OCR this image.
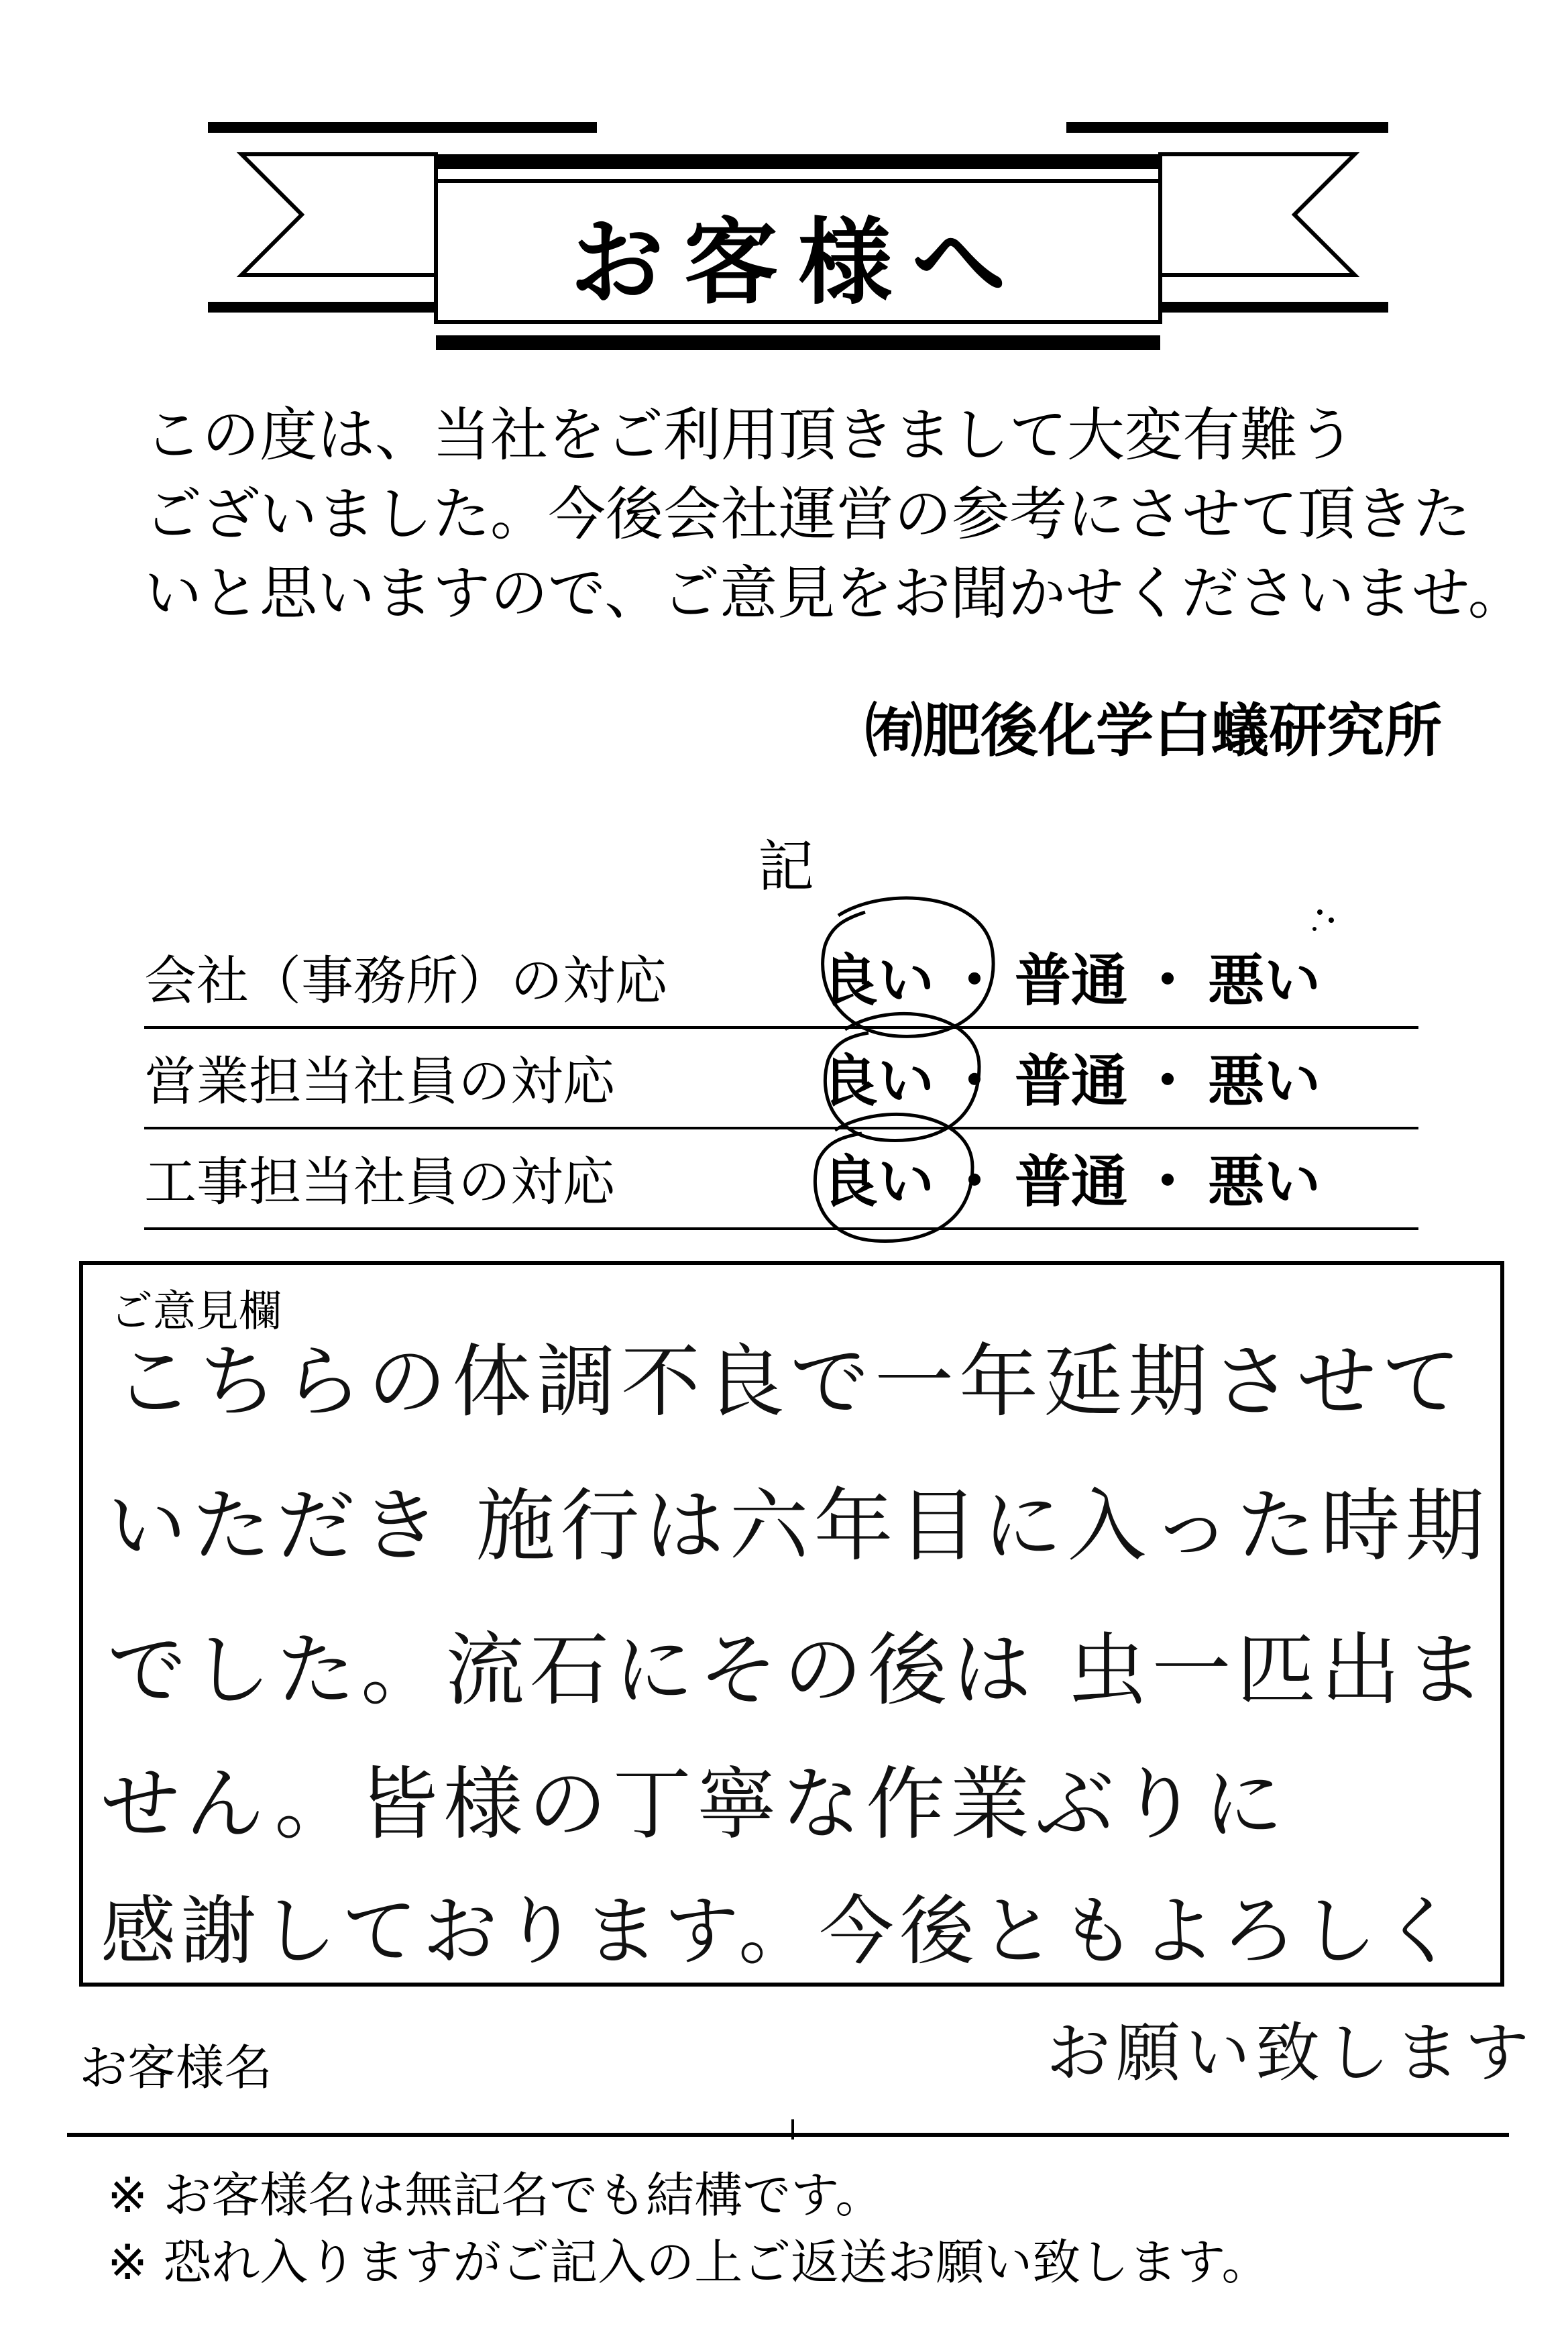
お客様へ
この度は、当社をご利用頂きまして大変有難う
ございました。今後会社運営の参考にさせて頂きた
いと思いますので、ご意見をお聞かせくださいませ。
㈲肥後化学白蟻研究所
記
会社（事務所）の対応	良い ・ 普通 ・ 悪い
営業担当社員の対応	良い ・ 普通 ・ 悪い
工事担当社員の対応	良い ・ 普通 ・ 悪い
ご意見欄
こちらの体調不良で一年延期させて
いただき 施行は六年目に入った時期
でした。流石にその後は 虫一匹出ま
せん。皆様の丁寧な作業ぶりに
感謝しております。今後ともよろしく
お願い致します
お客様名
※ お客様名は無記名でも結構です。
※ 恐れ入りますがご記入の上ご返送お願い致します。
